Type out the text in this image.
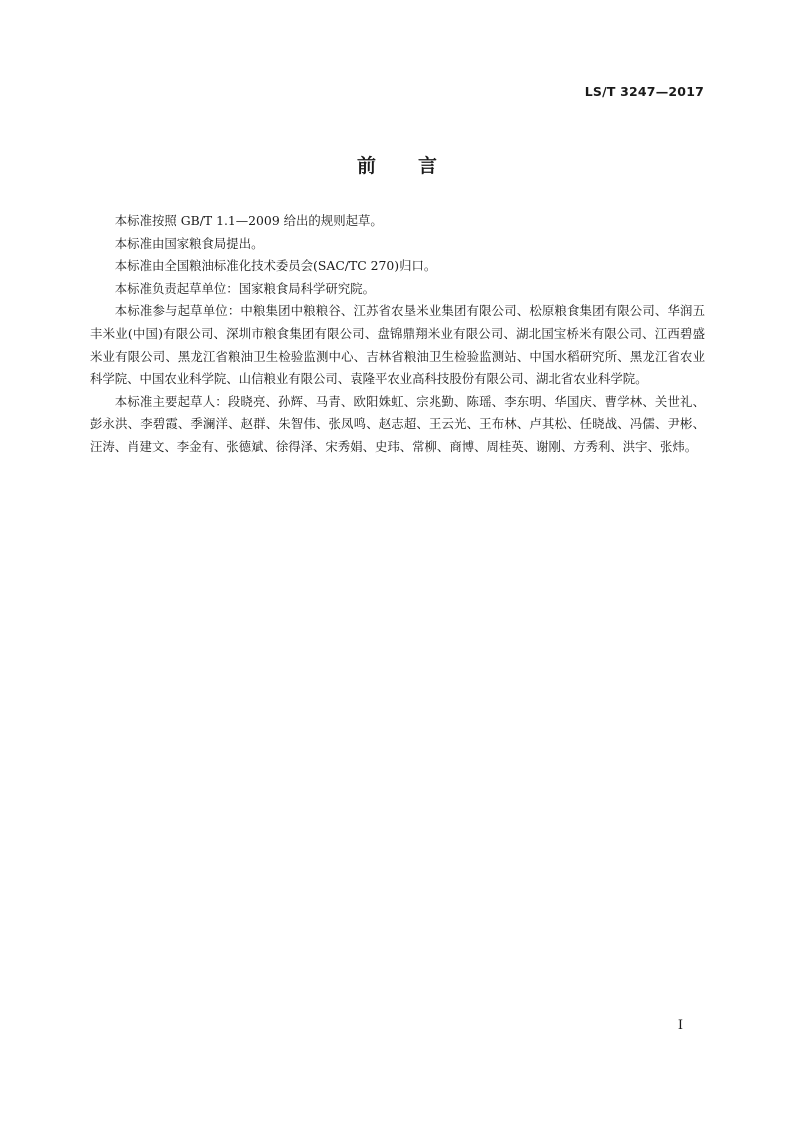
LS/T 3247—2017
前言

本标准按照 GB/T 1.1—2009 给出的规则起草。

本标准由国家粮食局提出。

本标准由全国粮油标准化技术委员会(SAC/TC 270)归口。

本标准负责起草单位：国家粮食局科学研究院。

本标准参与起草单位：中粮集团中粮粮谷、江苏省农垦米业集团有限公司、松原粮食集团有限公司、华润五丰米业(中国)有限公司、深圳市粮食集团有限公司、盘锦鼎翔米业有限公司、湖北国宝桥米有限公司、江西碧盛米业有限公司、黑龙江省粮油卫生检验监测中心、吉林省粮油卫生检验监测站、中国水稻研究所、黑龙江省农业科学院、中国农业科学院、山信粮业有限公司、袁隆平农业高科技股份有限公司、湖北省农业科学院。

本标准主要起草人：段晓亮、孙辉、马青、欧阳姝虹、宗兆勤、陈瑶、李东明、华国庆、曹学林、关世礼、彭永洪、李碧霞、季澜洋、赵群、朱智伟、张凤鸣、赵志超、王云光、王布林、卢其松、任晓战、冯儒、尹彬、汪涛、肖建文、李金有、张德斌、徐得泽、宋秀娟、史玮、常柳、商博、周桂英、谢刚、方秀利、洪宇、张炜。

I
